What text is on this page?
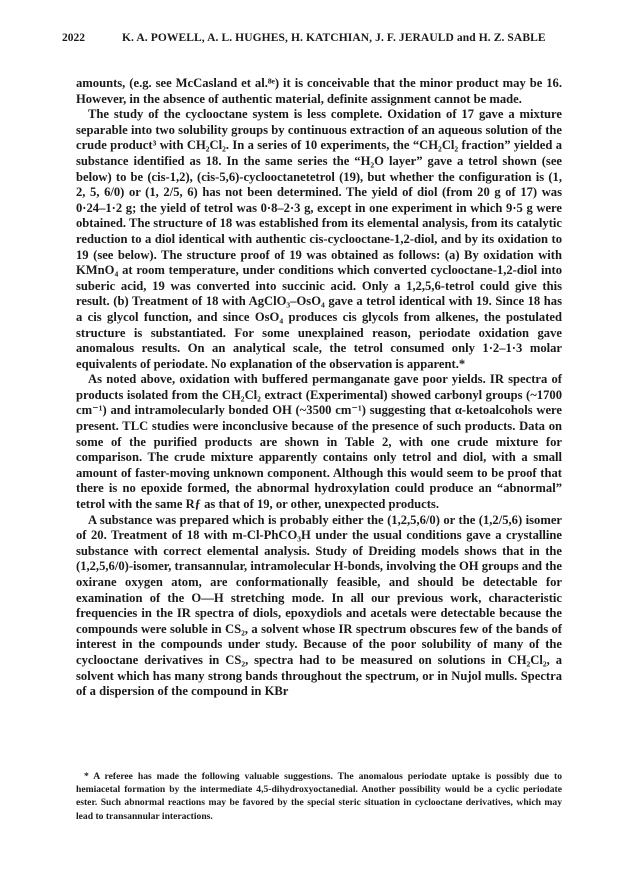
2022	K. A. POWELL, A. L. HUGHES, H. KATCHIAN, J. F. JERAULD and H. Z. SABLE

amounts, (e.g. see McCasland et al.⁸ᵉ) it is conceivable that the minor product may be 16. However, in the absence of authentic material, definite assignment cannot be made.

The study of the cyclooctane system is less complete. Oxidation of 17 gave a mixture separable into two solubility groups by continuous extraction of an aqueous solution of the crude product³ with CH₂Cl₂. In a series of 10 experiments, the “CH₂Cl₂ fraction” yielded a substance identified as 18. In the same series the “H₂O layer” gave a tetrol shown (see below) to be (cis-1,2), (cis-5,6)-cyclooctanetetrol (19), but whether the configuration is (1, 2, 5, 6/0) or (1, 2/5, 6) has not been determined. The yield of diol (from 20 g of 17) was 0·24–1·2 g; the yield of tetrol was 0·8–2·3 g, except in one experiment in which 9·5 g were obtained. The structure of 18 was established from its elemental analysis, from its catalytic reduction to a diol identical with authentic cis-cyclooctane-1,2-diol, and by its oxidation to 19 (see below). The structure proof of 19 was obtained as follows: (a) By oxidation with KMnO₄ at room temperature, under conditions which converted cyclooctane-1,2-diol into suberic acid, 19 was converted into succinic acid. Only a 1,2,5,6-tetrol could give this result. (b) Treatment of 18 with AgClO₃–OsO₄ gave a tetrol identical with 19. Since 18 has a cis glycol function, and since OsO₄ produces cis glycols from alkenes, the postulated structure is substantiated. For some unexplained reason, periodate oxidation gave anomalous results. On an analytical scale, the tetrol consumed only 1·2–1·3 molar equivalents of periodate. No explanation of the observation is apparent.*

As noted above, oxidation with buffered permanganate gave poor yields. IR spectra of products isolated from the CH₂Cl₂ extract (Experimental) showed carbonyl groups (~1700 cm⁻¹) and intramolecularly bonded OH (~3500 cm⁻¹) suggesting that α-ketoalcohols were present. TLC studies were inconclusive because of the presence of such products. Data on some of the purified products are shown in Table 2, with one crude mixture for comparison. The crude mixture apparently contains only tetrol and diol, with a small amount of faster-moving unknown component. Although this would seem to be proof that there is no epoxide formed, the abnormal hydroxylation could produce an “abnormal” tetrol with the same Rƒ as that of 19, or other, unexpected products.

A substance was prepared which is probably either the (1,2,5,6/0) or the (1,2/5,6) isomer of 20. Treatment of 18 with m-Cl-PhCO₃H under the usual conditions gave a crystalline substance with correct elemental analysis. Study of Dreiding models shows that in the (1,2,5,6/0)-isomer, transannular, intramolecular H-bonds, involving the OH groups and the oxirane oxygen atom, are conformationally feasible, and should be detectable for examination of the O—H stretching mode. In all our previous work, characteristic frequencies in the IR spectra of diols, epoxydiols and acetals were detectable because the compounds were soluble in CS₂, a solvent whose IR spectrum obscures few of the bands of interest in the compounds under study. Because of the poor solubility of many of the cyclooctane derivatives in CS₂, spectra had to be measured on solutions in CH₂Cl₂, a solvent which has many strong bands throughout the spectrum, or in Nujol mulls. Spectra of a dispersion of the compound in KBr

* A referee has made the following valuable suggestions. The anomalous periodate uptake is possibly due to hemiacetal formation by the intermediate 4,5-dihydroxyoctanedial. Another possibility would be a cyclic periodate ester. Such abnormal reactions may be favored by the special steric situation in cyclooctane derivatives, which may lead to transannular interactions.
